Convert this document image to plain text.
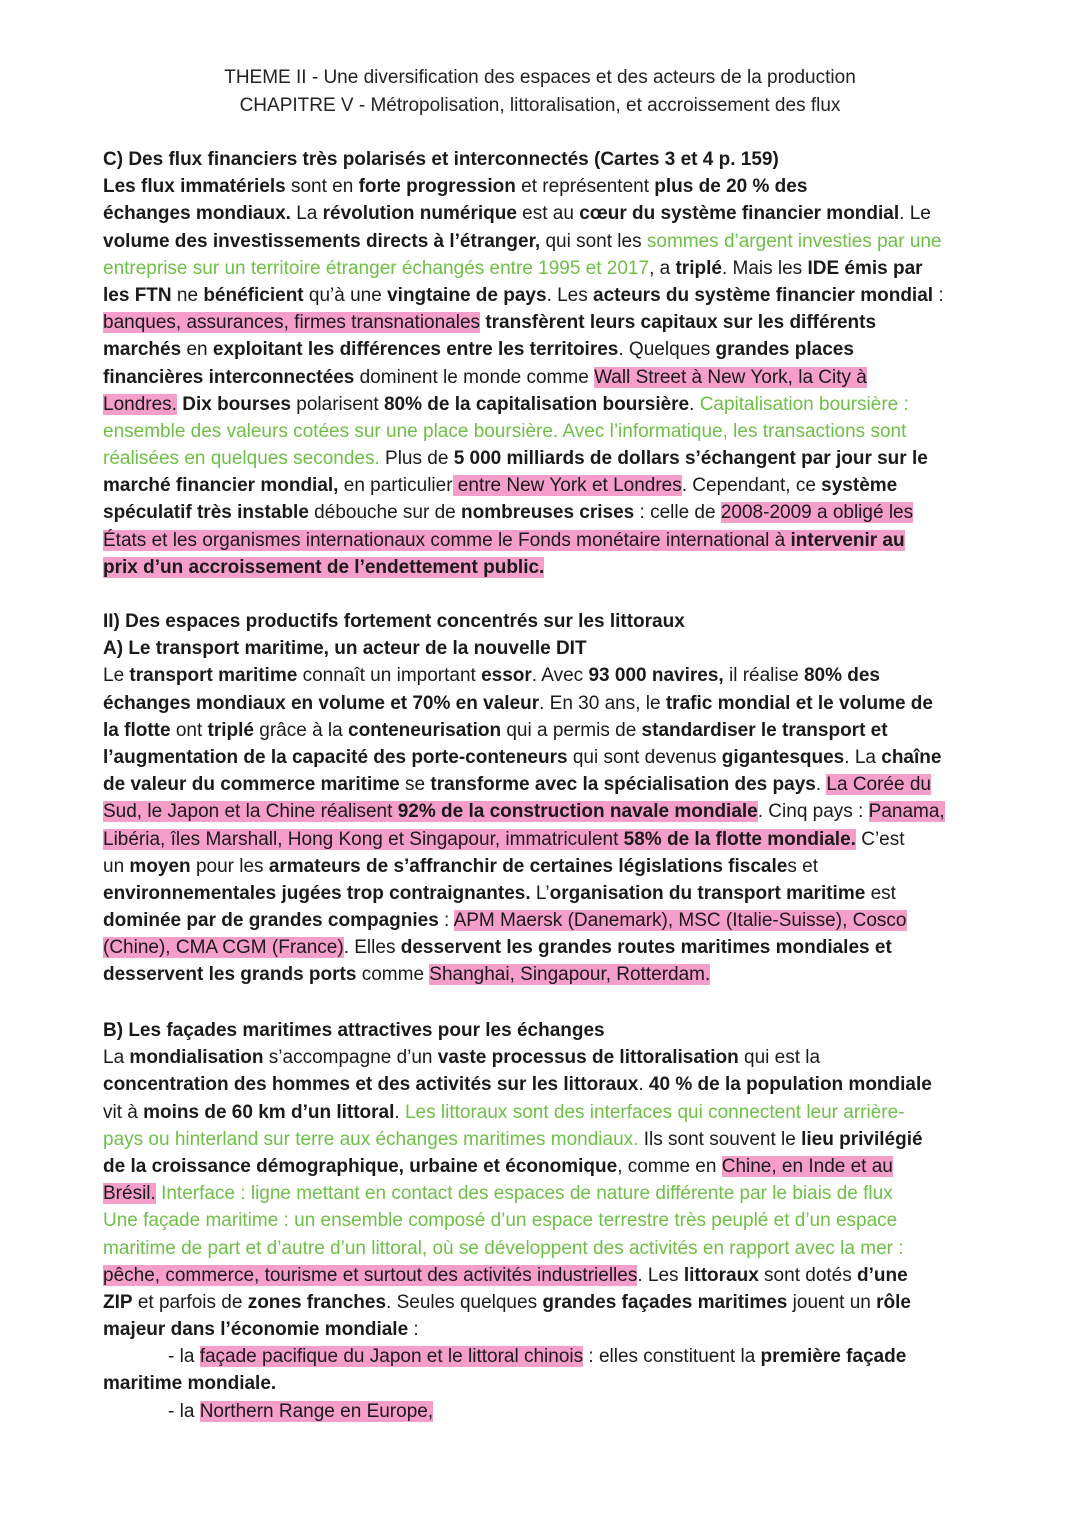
THEME II - Une diversification des espaces et des acteurs de la production
CHAPITRE V - Métropolisation, littoralisation, et accroissement des flux
C) Des flux financiers très polarisés et interconnectés (Cartes 3 et 4 p. 159)
Les flux immatériels sont en forte progression et représentent plus de 20 % des
échanges mondiaux. La révolution numérique est au cœur du système financier mondial. Le
volume des investissements directs à l’étranger, qui sont les sommes d’argent investies par une
entreprise sur un territoire étranger échangés entre 1995 et 2017, a triplé. Mais les IDE émis par
les FTN ne bénéficient qu’à une vingtaine de pays. Les acteurs du système financier mondial :
banques, assurances, firmes transnationales transfèrent leurs capitaux sur les différents
marchés en exploitant les différences entre les territoires. Quelques grandes places
financières interconnectées dominent le monde comme Wall Street à New York, la City à
Londres. Dix bourses polarisent 80% de la capitalisation boursière. Capitalisation boursière :
ensemble des valeurs cotées sur une place boursière. Avec l’informatique, les transactions sont
réalisées en quelques secondes. Plus de 5 000 milliards de dollars s’échangent par jour sur le
marché financier mondial, en particulier entre New York et Londres. Cependant, ce système
spéculatif très instable débouche sur de nombreuses crises : celle de 2008-2009 a obligé les
États et les organismes internationaux comme le Fonds monétaire international à intervenir au
prix d’un accroissement de l’endettement public.
II) Des espaces productifs fortement concentrés sur les littoraux
A) Le transport maritime, un acteur de la nouvelle DIT
Le transport maritime connaît un important essor. Avec 93 000 navires, il réalise 80% des
échanges mondiaux en volume et 70% en valeur. En 30 ans, le trafic mondial et le volume de
la flotte ont triplé grâce à la conteneurisation qui a permis de standardiser le transport et
l’augmentation de la capacité des porte-conteneurs qui sont devenus gigantesques. La chaîne
de valeur du commerce maritime se transforme avec la spécialisation des pays. La Corée du
Sud, le Japon et la Chine réalisent 92% de la construction navale mondiale. Cinq pays : Panama,
Libéria, îles Marshall, Hong Kong et Singapour, immatriculent 58% de la flotte mondiale. C’est
un moyen pour les armateurs de s’affranchir de certaines législations fiscales et
environnementales jugées trop contraignantes. L’organisation du transport maritime est
dominée par de grandes compagnies : APM Maersk (Danemark), MSC (Italie-Suisse), Cosco
(Chine), CMA CGM (France). Elles desservent les grandes routes maritimes mondiales et
desservent les grands ports comme Shanghai, Singapour, Rotterdam.
B) Les façades maritimes attractives pour les échanges
La mondialisation s’accompagne d’un vaste processus de littoralisation qui est la
concentration des hommes et des activités sur les littoraux. 40 % de la population mondiale
vit à moins de 60 km d’un littoral. Les littoraux sont des interfaces qui connectent leur arrière-
pays ou hinterland sur terre aux échanges maritimes mondiaux. Ils sont souvent le lieu privilégié
de la croissance démographique, urbaine et économique, comme en Chine, en Inde et au
Brésil. Interface : ligne mettant en contact des espaces de nature différente par le biais de flux
Une façade maritime : un ensemble composé d’un espace terrestre très peuplé et d’un espace
maritime de part et d’autre d’un littoral, où se développent des activités en rapport avec la mer :
pêche, commerce, tourisme et surtout des activités industrielles. Les littoraux sont dotés d’une
ZIP et parfois de zones franches. Seules quelques grandes façades maritimes jouent un rôle
majeur dans l’économie mondiale :
- la façade pacifique du Japon et le littoral chinois : elles constituent la première façade
maritime mondiale.
- la Northern Range en Europe,
